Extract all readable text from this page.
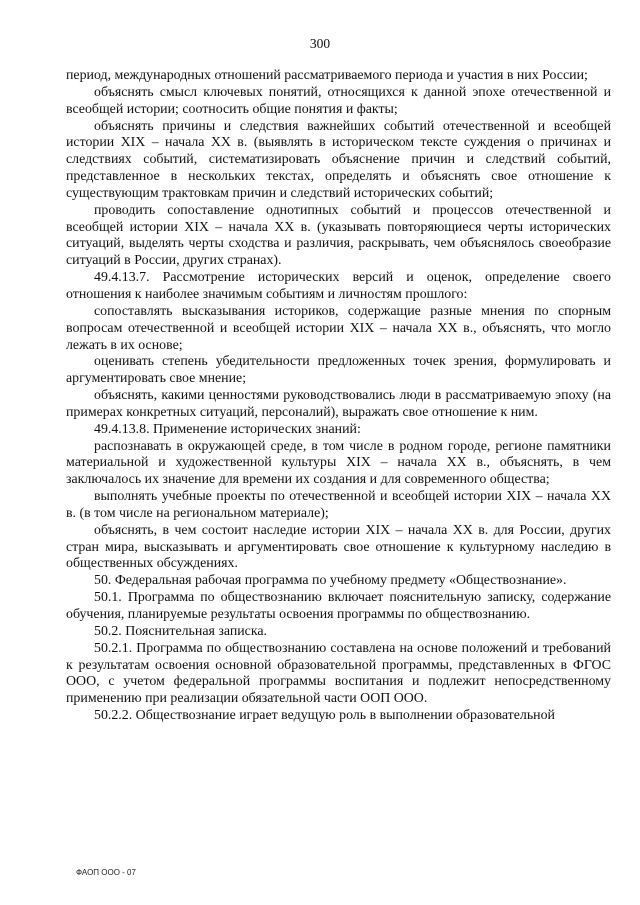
300

период, международных отношений рассматриваемого периода и участия в них России;

объяснять смысл ключевых понятий, относящихся к данной эпохе отечественной и всеобщей истории; соотносить общие понятия и факты;

объяснять причины и следствия важнейших событий отечественной и всеобщей истории XIX – начала XX в. (выявлять в историческом тексте суждения о причинах и следствиях событий, систематизировать объяснение причин и следствий событий, представленное в нескольких текстах, определять и объяснять свое отношение к существующим трактовкам причин и следствий исторических событий;

проводить сопоставление однотипных событий и процессов отечественной и всеобщей истории XIX – начала XX в. (указывать повторяющиеся черты исторических ситуаций, выделять черты сходства и различия, раскрывать, чем объяснялось своеобразие ситуаций в России, других странах).

49.4.13.7. Рассмотрение исторических версий и оценок, определение своего отношения к наиболее значимым событиям и личностям прошлого:

сопоставлять высказывания историков, содержащие разные мнения по спорным вопросам отечественной и всеобщей истории XIX – начала XX в., объяснять, что могло лежать в их основе;

оценивать степень убедительности предложенных точек зрения, формулировать и аргументировать свое мнение;

объяснять, какими ценностями руководствовались люди в рассматриваемую эпоху (на примерах конкретных ситуаций, персоналий), выражать свое отношение к ним.

49.4.13.8. Применение исторических знаний:

распознавать в окружающей среде, в том числе в родном городе, регионе памятники материальной и художественной культуры XIX – начала XX в., объяснять, в чем заключалось их значение для времени их создания и для современного общества;

выполнять учебные проекты по отечественной и всеобщей истории XIX – начала XX в. (в том числе на региональном материале);

объяснять, в чем состоит наследие истории XIX – начала XX в. для России, других стран мира, высказывать и аргументировать свое отношение к культурному наследию в общественных обсуждениях.

50. Федеральная рабочая программа по учебному предмету «Обществознание».

50.1. Программа по обществознанию включает пояснительную записку, содержание обучения, планируемые результаты освоения программы по обществознанию.

50.2. Пояснительная записка.

50.2.1. Программа по обществознанию составлена на основе положений и требований к результатам освоения основной образовательной программы, представленных в ФГОС ООО, с учетом федеральной программы воспитания и подлежит непосредственному применению при реализации обязательной части ООП ООО.

50.2.2. Обществознание играет ведущую роль в выполнении образовательной

ФАОП ООО - 07
